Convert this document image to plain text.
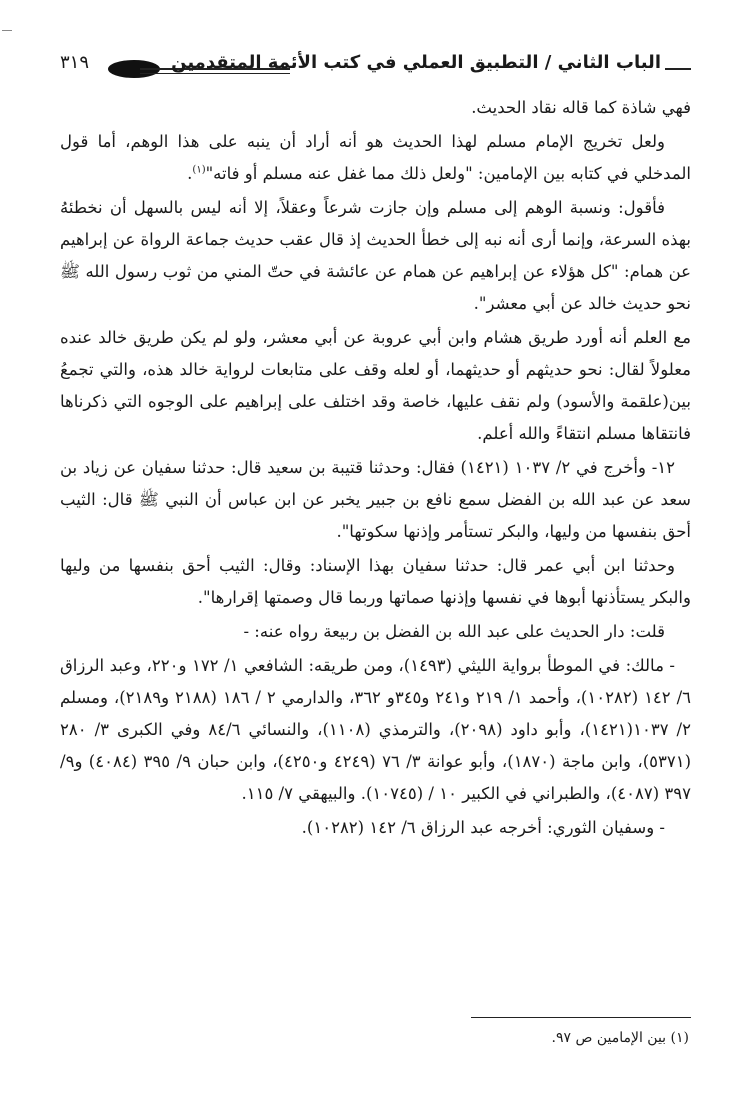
٣١٩	الباب الثاني / التطبيق العملي في كتب الأئمة المتقدمين

فهي شاذة كما قاله نقاد الحديث.

ولعل تخريج الإمام مسلم لهذا الحديث هو أنه أراد أن ينبه على هذا الوهم، أما قول المدخلي في كتابه بين الإمامين: "ولعل ذلك مما غفل عنه مسلم أو فاته"$^{(١)}$.

فأقول: ونسبة الوهم إلى مسلم وإن جازت شرعاً وعقلاً، إلا أنه ليس بالسهل أن نخطئهُ بهذه السرعة، وإنما أرى أنه نبه إلى خطأ الحديث إذ قال عقب حديث جماعة الرواة عن إبراهيم عن همام: "كل هؤلاء عن إبراهيم عن همام عن عائشة في حتّ المني من ثوب رسول الله ﷺ نحو حديث خالد عن أبي معشر".

مع العلم أنه أورد طريق هشام وابن أبي عروبة عن أبي معشر، ولو لم يكن طريق خالد عنده معلولاً لقال: نحو حديثهم أو حديثهما، أو لعله وقف على متابعات لرواية خالد هذه، والتي تجمعُ بين(علقمة والأسود) ولم نقف عليها، خاصة وقد اختلف على إبراهيم على الوجوه التي ذكرناها فانتقاها مسلم انتقاءً والله أعلم.

١٢- وأخرج في ٢/ ١٠٣٧ (١٤٢١) فقال: وحدثنا قتيبة بن سعيد قال: حدثنا سفيان عن زياد بن سعد عن عبد الله بن الفضل سمع نافع بن جبير يخبر عن ابن عباس أن النبي ﷺ قال: الثيب أحق بنفسها من وليها، والبكر تستأمر وإذنها سكوتها".

وحدثنا ابن أبي عمر قال: حدثنا سفيان بهذا الإسناد: وقال: الثيب أحق بنفسها من وليها والبكر يستأذنها أبوها في نفسها وإذنها صماتها وربما قال وصمتها إقرارها".

قلت: دار الحديث على عبد الله بن الفضل بن ربيعة رواه عنه: -

- مالك: في الموطأ برواية الليثي (١٤٩٣)، ومن طريقه: الشافعي ١/ ١٧٢ و٢٢٠، وعبد الرزاق ٦/ ١٤٢ (١٠٢٨٢)، وأحمد ١/ ٢١٩ و٢٤١ و٣٤٥و ٣٦٢، والدارمي ٢ / ١٨٦ (٢١٨٨ و٢١٨٩)، ومسلم ٢/ ١٠٣٧(١٤٢١)، وأبو داود (٢٠٩٨)، والترمذي (١١٠٨)، والنسائي ٨٤/٦ وفي الكبرى ٣/ ٢٨٠ (٥٣٧١)، وابن ماجة (١٨٧٠)، وأبو عوانة ٣/ ٧٦ (٤٢٤٩ و٤٢٥٠)، وابن حبان ٩/ ٣٩٥ (٤٠٨٤) و٩/ ٣٩٧ (٤٠٨٧)، والطبراني في الكبير ١٠ / (١٠٧٤٥). والبيهقي ٧/ ١١٥.

- وسفيان الثوري: أخرجه عبد الرزاق ٦/ ١٤٢ (١٠٢٨٢).

(١) بين الإمامين ص ٩٧.
